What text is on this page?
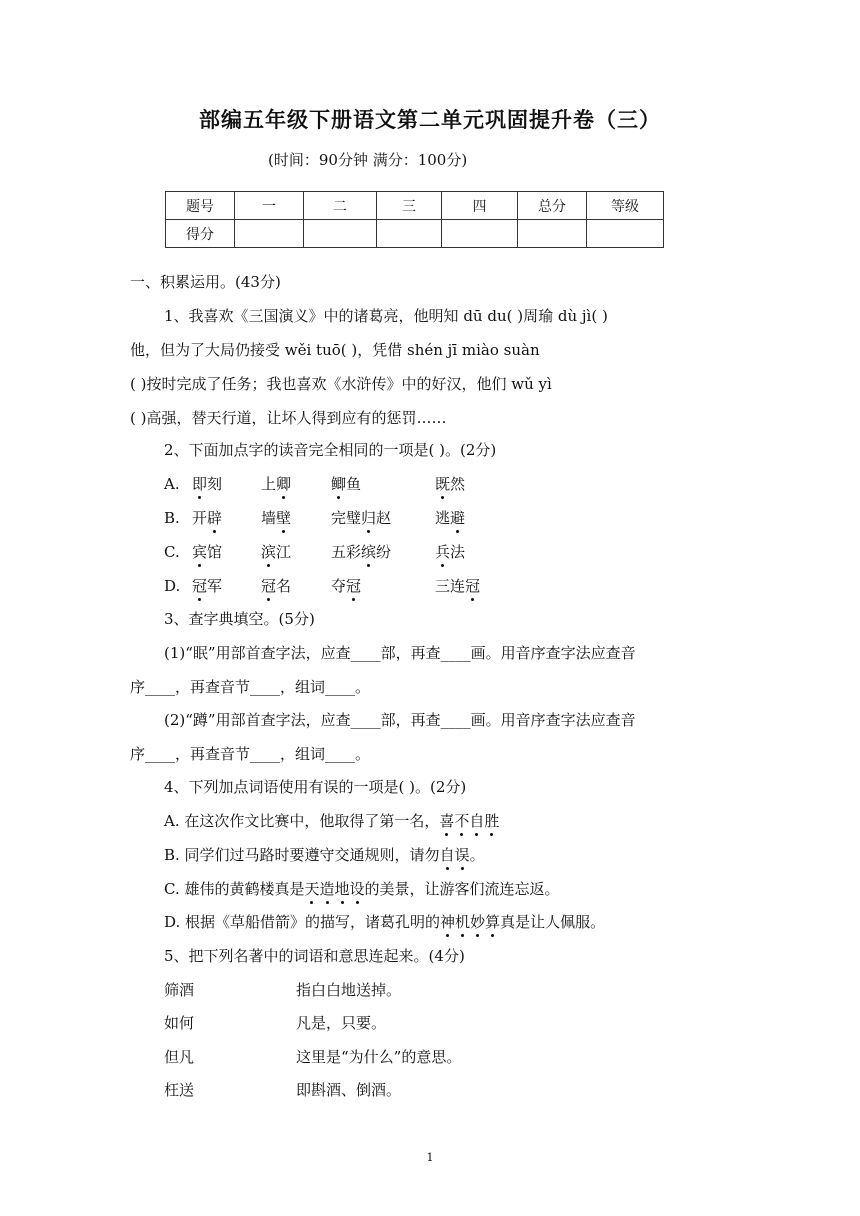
部编五年级下册语文第二单元巩固提升卷（三）
(时间：90分钟 满分：100分)
题号	一	二	三	四	总分	等级
得分						
一、积累运用。(43分)
1、我喜欢《三国演义》中的诸葛亮，他明知 dū du( )周瑜 dù jì( )
他，但为了大局仍接受 wěi tuō( )，凭借 shén jī miào suàn
( )按时完成了任务；我也喜欢《水浒传》中的好汉，他们 wǔ yì
( )高强，替天行道，让坏人得到应有的惩罚……
2、下面加点字的读音完全相同的一项是( )。(2分)
A. 即刻	上卿	鲫鱼	既然
B. 开辟	墙壁	完璧归赵	逃避
C. 宾馆	滨江	五彩缤纷	兵法
D. 冠军	冠名	夺冠	三连冠
3、查字典填空。(5分)
(1)“眠”用部首查字法，应查____部，再查____画。用音序查字法应查音
序____，再查音节____，组词____。
(2)“蹲”用部首查字法，应查____部，再查____画。用音序查字法应查音
序____，再查音节____，组词____。
4、下列加点词语使用有误的一项是( )。(2分)
A. 在这次作文比赛中，他取得了第一名，喜不自胜
B. 同学们过马路时要遵守交通规则，请勿自误。
C. 雄伟的黄鹤楼真是天造地设的美景，让游客们流连忘返。
D. 根据《草船借箭》的描写，诸葛孔明的神机妙算真是让人佩服。
5、把下列名著中的词语和意思连起来。(4分)
筛酒	指白白地送掉。
如何	凡是，只要。
但凡	这里是“为什么”的意思。
枉送	即斟酒、倒酒。
1
